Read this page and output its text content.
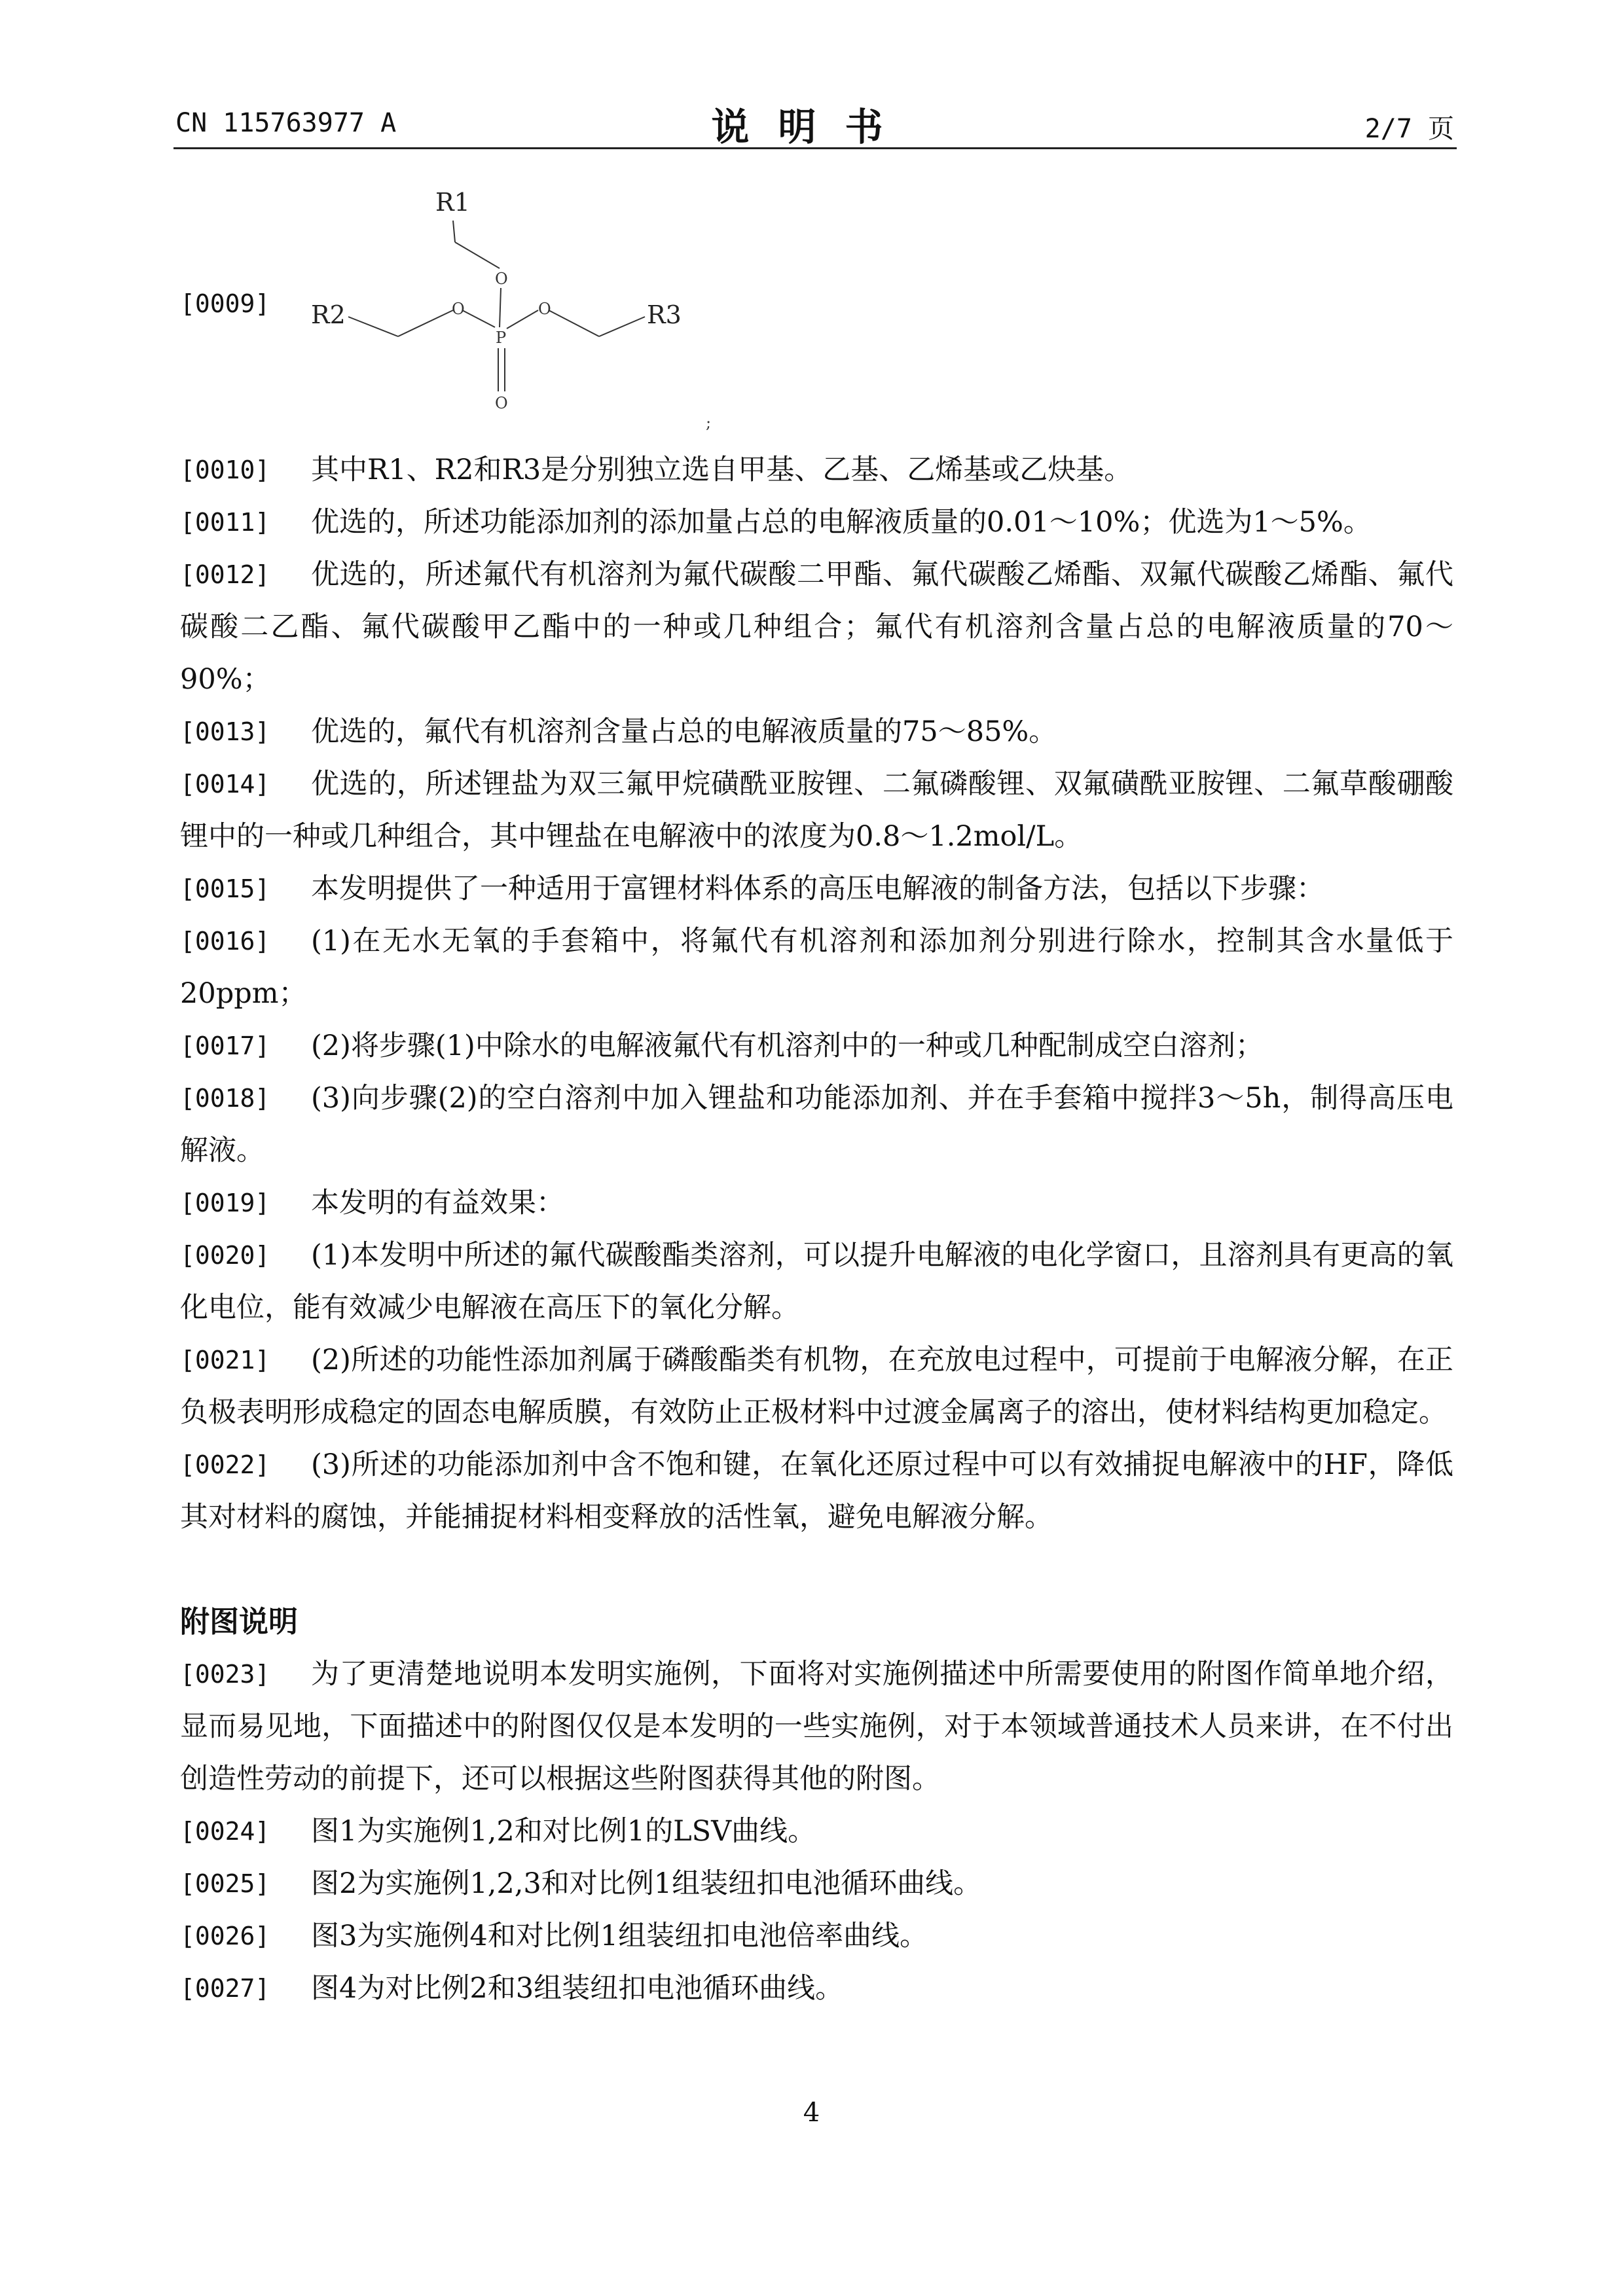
CN 115763977 A	说明书	2/7 页
[0009]
R1
R2	R3
O
O	O
P
O
;

[0010] 其中R1、R2和R3是分别独立选自甲基、乙基、乙烯基或乙炔基。

[0011] 优选的，所述功能添加剂的添加量占总的电解液质量的0.01～10%；优选为1～5%。

[0012] 优选的，所述氟代有机溶剂为氟代碳酸二甲酯、氟代碳酸乙烯酯、双氟代碳酸乙烯酯、氟代碳酸二乙酯、氟代碳酸甲乙酯中的一种或几种组合；氟代有机溶剂含量占总的电解液质量的70～90%；

[0013] 优选的，氟代有机溶剂含量占总的电解液质量的75～85%。

[0014] 优选的，所述锂盐为双三氟甲烷磺酰亚胺锂、二氟磷酸锂、双氟磺酰亚胺锂、二氟草酸硼酸锂中的一种或几种组合，其中锂盐在电解液中的浓度为0.8～1.2mol/L。

[0015] 本发明提供了一种适用于富锂材料体系的高压电解液的制备方法，包括以下步骤：

[0016] (1)在无水无氧的手套箱中，将氟代有机溶剂和添加剂分别进行除水，控制其含水量低于20ppm；

[0017] (2)将步骤(1)中除水的电解液氟代有机溶剂中的一种或几种配制成空白溶剂；

[0018] (3)向步骤(2)的空白溶剂中加入锂盐和功能添加剂、并在手套箱中搅拌3～5h，制得高压电解液。

[0019] 本发明的有益效果：

[0020] (1)本发明中所述的氟代碳酸酯类溶剂，可以提升电解液的电化学窗口，且溶剂具有更高的氧化电位，能有效减少电解液在高压下的氧化分解。

[0021] (2)所述的功能性添加剂属于磷酸酯类有机物，在充放电过程中，可提前于电解液分解，在正负极表明形成稳定的固态电解质膜，有效防止正极材料中过渡金属离子的溶出，使材料结构更加稳定。

[0022] (3)所述的功能添加剂中含不饱和键，在氧化还原过程中可以有效捕捉电解液中的HF，降低其对材料的腐蚀，并能捕捉材料相变释放的活性氧，避免电解液分解。

附图说明

[0023] 为了更清楚地说明本发明实施例，下面将对实施例描述中所需要使用的附图作简单地介绍，显而易见地，下面描述中的附图仅仅是本发明的一些实施例，对于本领域普通技术人员来讲，在不付出创造性劳动的前提下，还可以根据这些附图获得其他的附图。

[0024] 图1为实施例1,2和对比例1的LSV曲线。

[0025] 图2为实施例1,2,3和对比例1组装纽扣电池循环曲线。

[0026] 图3为实施例4和对比例1组装纽扣电池倍率曲线。

[0027] 图4为对比例2和3组装纽扣电池循环曲线。

4
